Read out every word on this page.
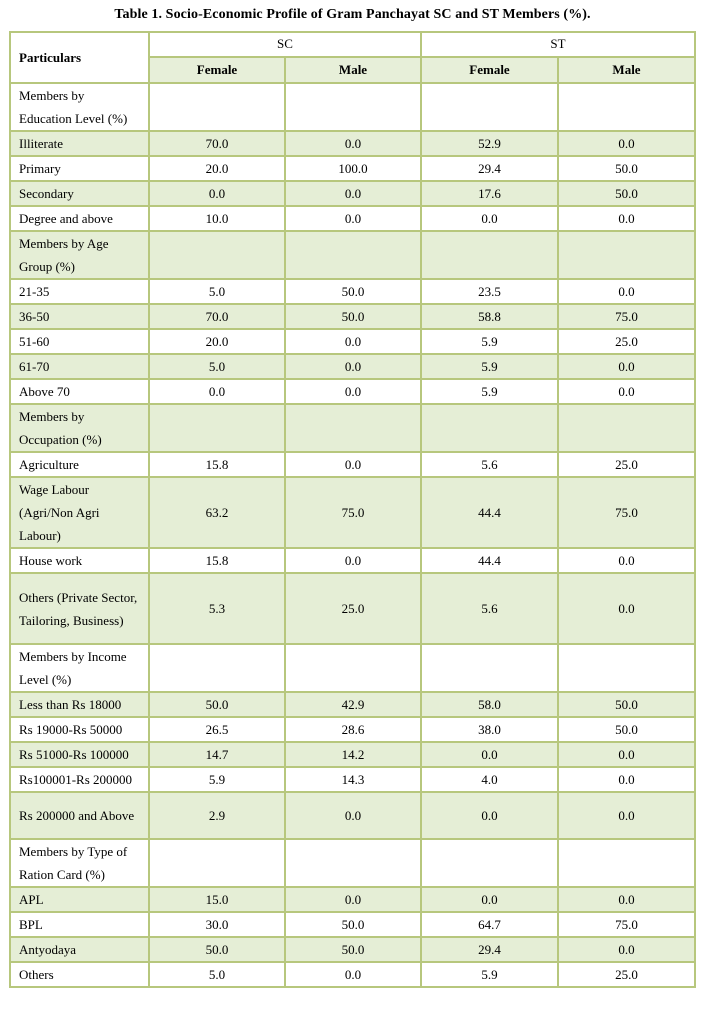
Table 1. Socio-Economic Profile of Gram Panchayat SC and ST Members (%).
Particulars	SC		ST	
	Female	Male	Female	Male
Members by Education Level (%)				
Illiterate	70.0	0.0	52.9	0.0
Primary	20.0	100.0	29.4	50.0
Secondary	0.0	0.0	17.6	50.0
Degree and above	10.0	0.0	0.0	0.0
Members by Age Group (%)				
21-35	5.0	50.0	23.5	0.0
36-50	70.0	50.0	58.8	75.0
51-60	20.0	0.0	5.9	25.0
61-70	5.0	0.0	5.9	0.0
Above 70	0.0	0.0	5.9	0.0
Members by Occupation (%)				
Agriculture	15.8	0.0	5.6	25.0
Wage Labour (Agri/Non Agri Labour)	63.2	75.0	44.4	75.0
House work	15.8	0.0	44.4	0.0
Others (Private Sector, Tailoring, Business)	5.3	25.0	5.6	0.0
Members by Income Level (%)				
Less than Rs 18000	50.0	42.9	58.0	50.0
Rs 19000-Rs 50000	26.5	28.6	38.0	50.0
Rs 51000-Rs 100000	14.7	14.2	0.0	0.0
Rs100001-Rs 200000	5.9	14.3	4.0	0.0
Rs 200000 and Above	2.9	0.0	0.0	0.0
Members by Type of Ration Card (%)				
APL	15.0	0.0	0.0	0.0
BPL	30.0	50.0	64.7	75.0
Antyodaya	50.0	50.0	29.4	0.0
Others	5.0	0.0	5.9	25.0
